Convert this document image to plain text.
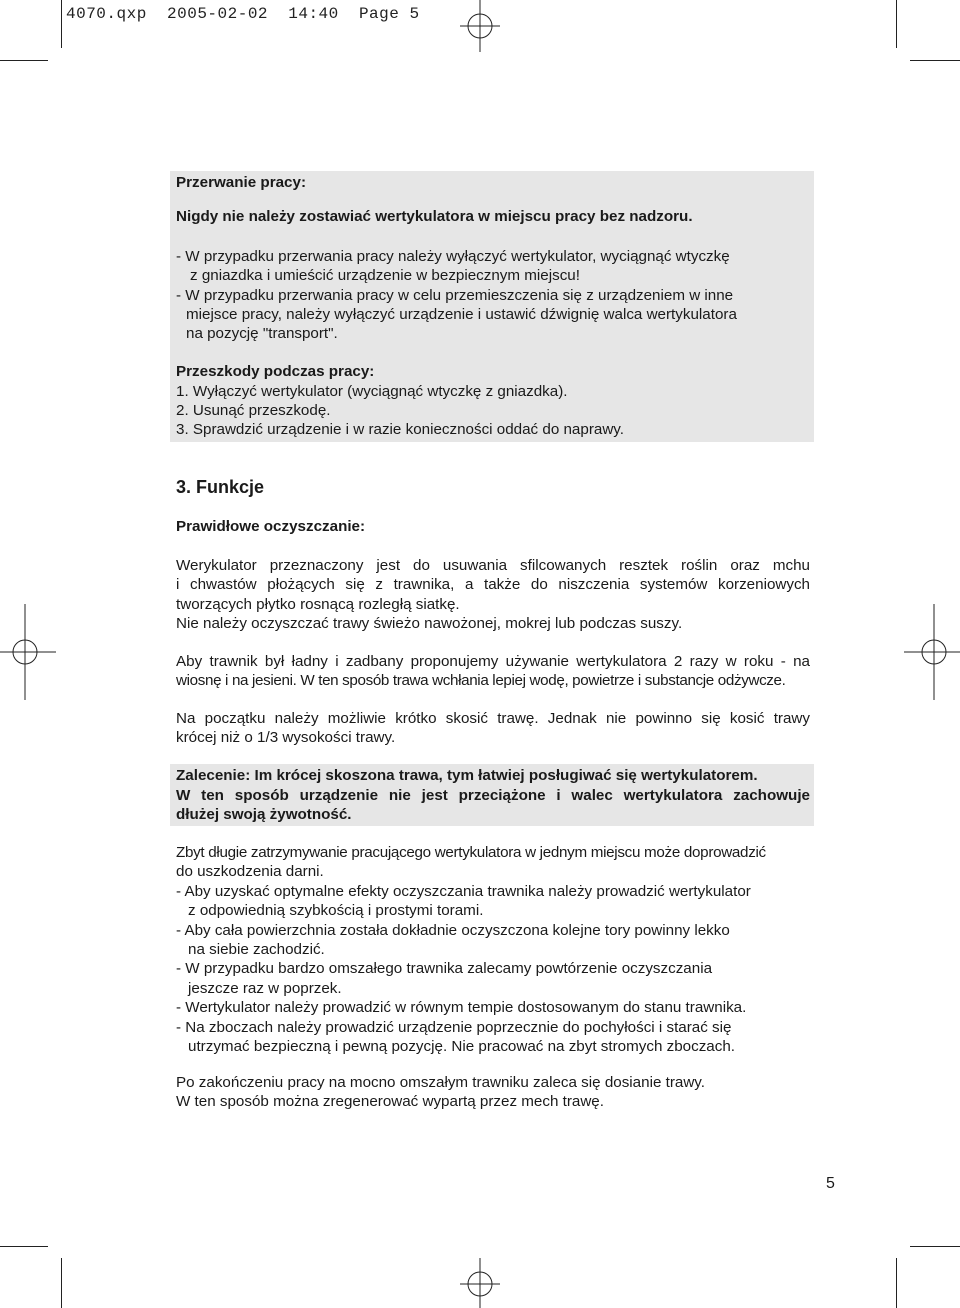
4070.qxp 2005-02-02 14:40 Page 5
Przerwanie pracy:
Nigdy nie należy zostawiać wertykulatora w miejscu pracy bez nadzoru.
- W przypadku przerwania pracy należy wyłączyć wertykulator, wyciągnąć wtyczkę
z gniazdka i umieścić urządzenie w bezpiecznym miejscu!
- W przypadku przerwania pracy w celu przemieszczenia się z urządzeniem w inne
miejsce pracy, należy wyłączyć urządzenie i ustawić dźwignię walca wertykulatora
na pozycję "transport".
Przeszkody podczas pracy:
1. Wyłączyć wertykulator (wyciągnąć wtyczkę z gniazdka).
2. Usunąć przeszkodę.
3. Sprawdzić urządzenie i w razie konieczności oddać do naprawy.
3. Funkcje
Prawidłowe oczyszczanie:
Werykulator przeznaczony jest do usuwania sfilcowanych resztek roślin oraz mchu
i chwastów płożących się z trawnika, a także do niszczenia systemów korzeniowych
tworzących płytko rosnącą rozległą siatkę.
Nie należy oczyszczać trawy świeżo nawożonej, mokrej lub podczas suszy.
Aby trawnik był ładny i zadbany proponujemy używanie wertykulatora 2 razy w roku - na
wiosnę i na jesieni. W ten sposób trawa wchłania lepiej wodę, powietrze i substancje odżywcze.
Na początku należy możliwie krótko skosić trawę. Jednak nie powinno się kosić trawy
krócej niż o 1/3 wysokości trawy.
Zalecenie: Im krócej skoszona trawa, tym łatwiej posługiwać się wertykulatorem.
W ten sposób urządzenie nie jest przeciążone i walec wertykulatora zachowuje
dłużej swoją żywotność.
Zbyt długie zatrzymywanie pracującego wertykulatora w jednym miejscu może doprowadzić
do uszkodzenia darni.
- Aby uzyskać optymalne efekty oczyszczania trawnika należy prowadzić wertykulator
z odpowiednią szybkością i prostymi torami.
- Aby cała powierzchnia została dokładnie oczyszczona kolejne tory powinny lekko
na siebie zachodzić.
- W przypadku bardzo omszałego trawnika zalecamy powtórzenie oczyszczania
jeszcze raz w poprzek.
- Wertykulator należy prowadzić w równym tempie dostosowanym do stanu trawnika.
- Na zboczach należy prowadzić urządzenie poprzecznie do pochyłości i starać się
utrzymać bezpieczną i pewną pozycję. Nie pracować na zbyt stromych zboczach.
Po zakończeniu pracy na mocno omszałym trawniku zaleca się dosianie trawy.
W ten sposób można zregenerować wypartą przez mech trawę.
5
